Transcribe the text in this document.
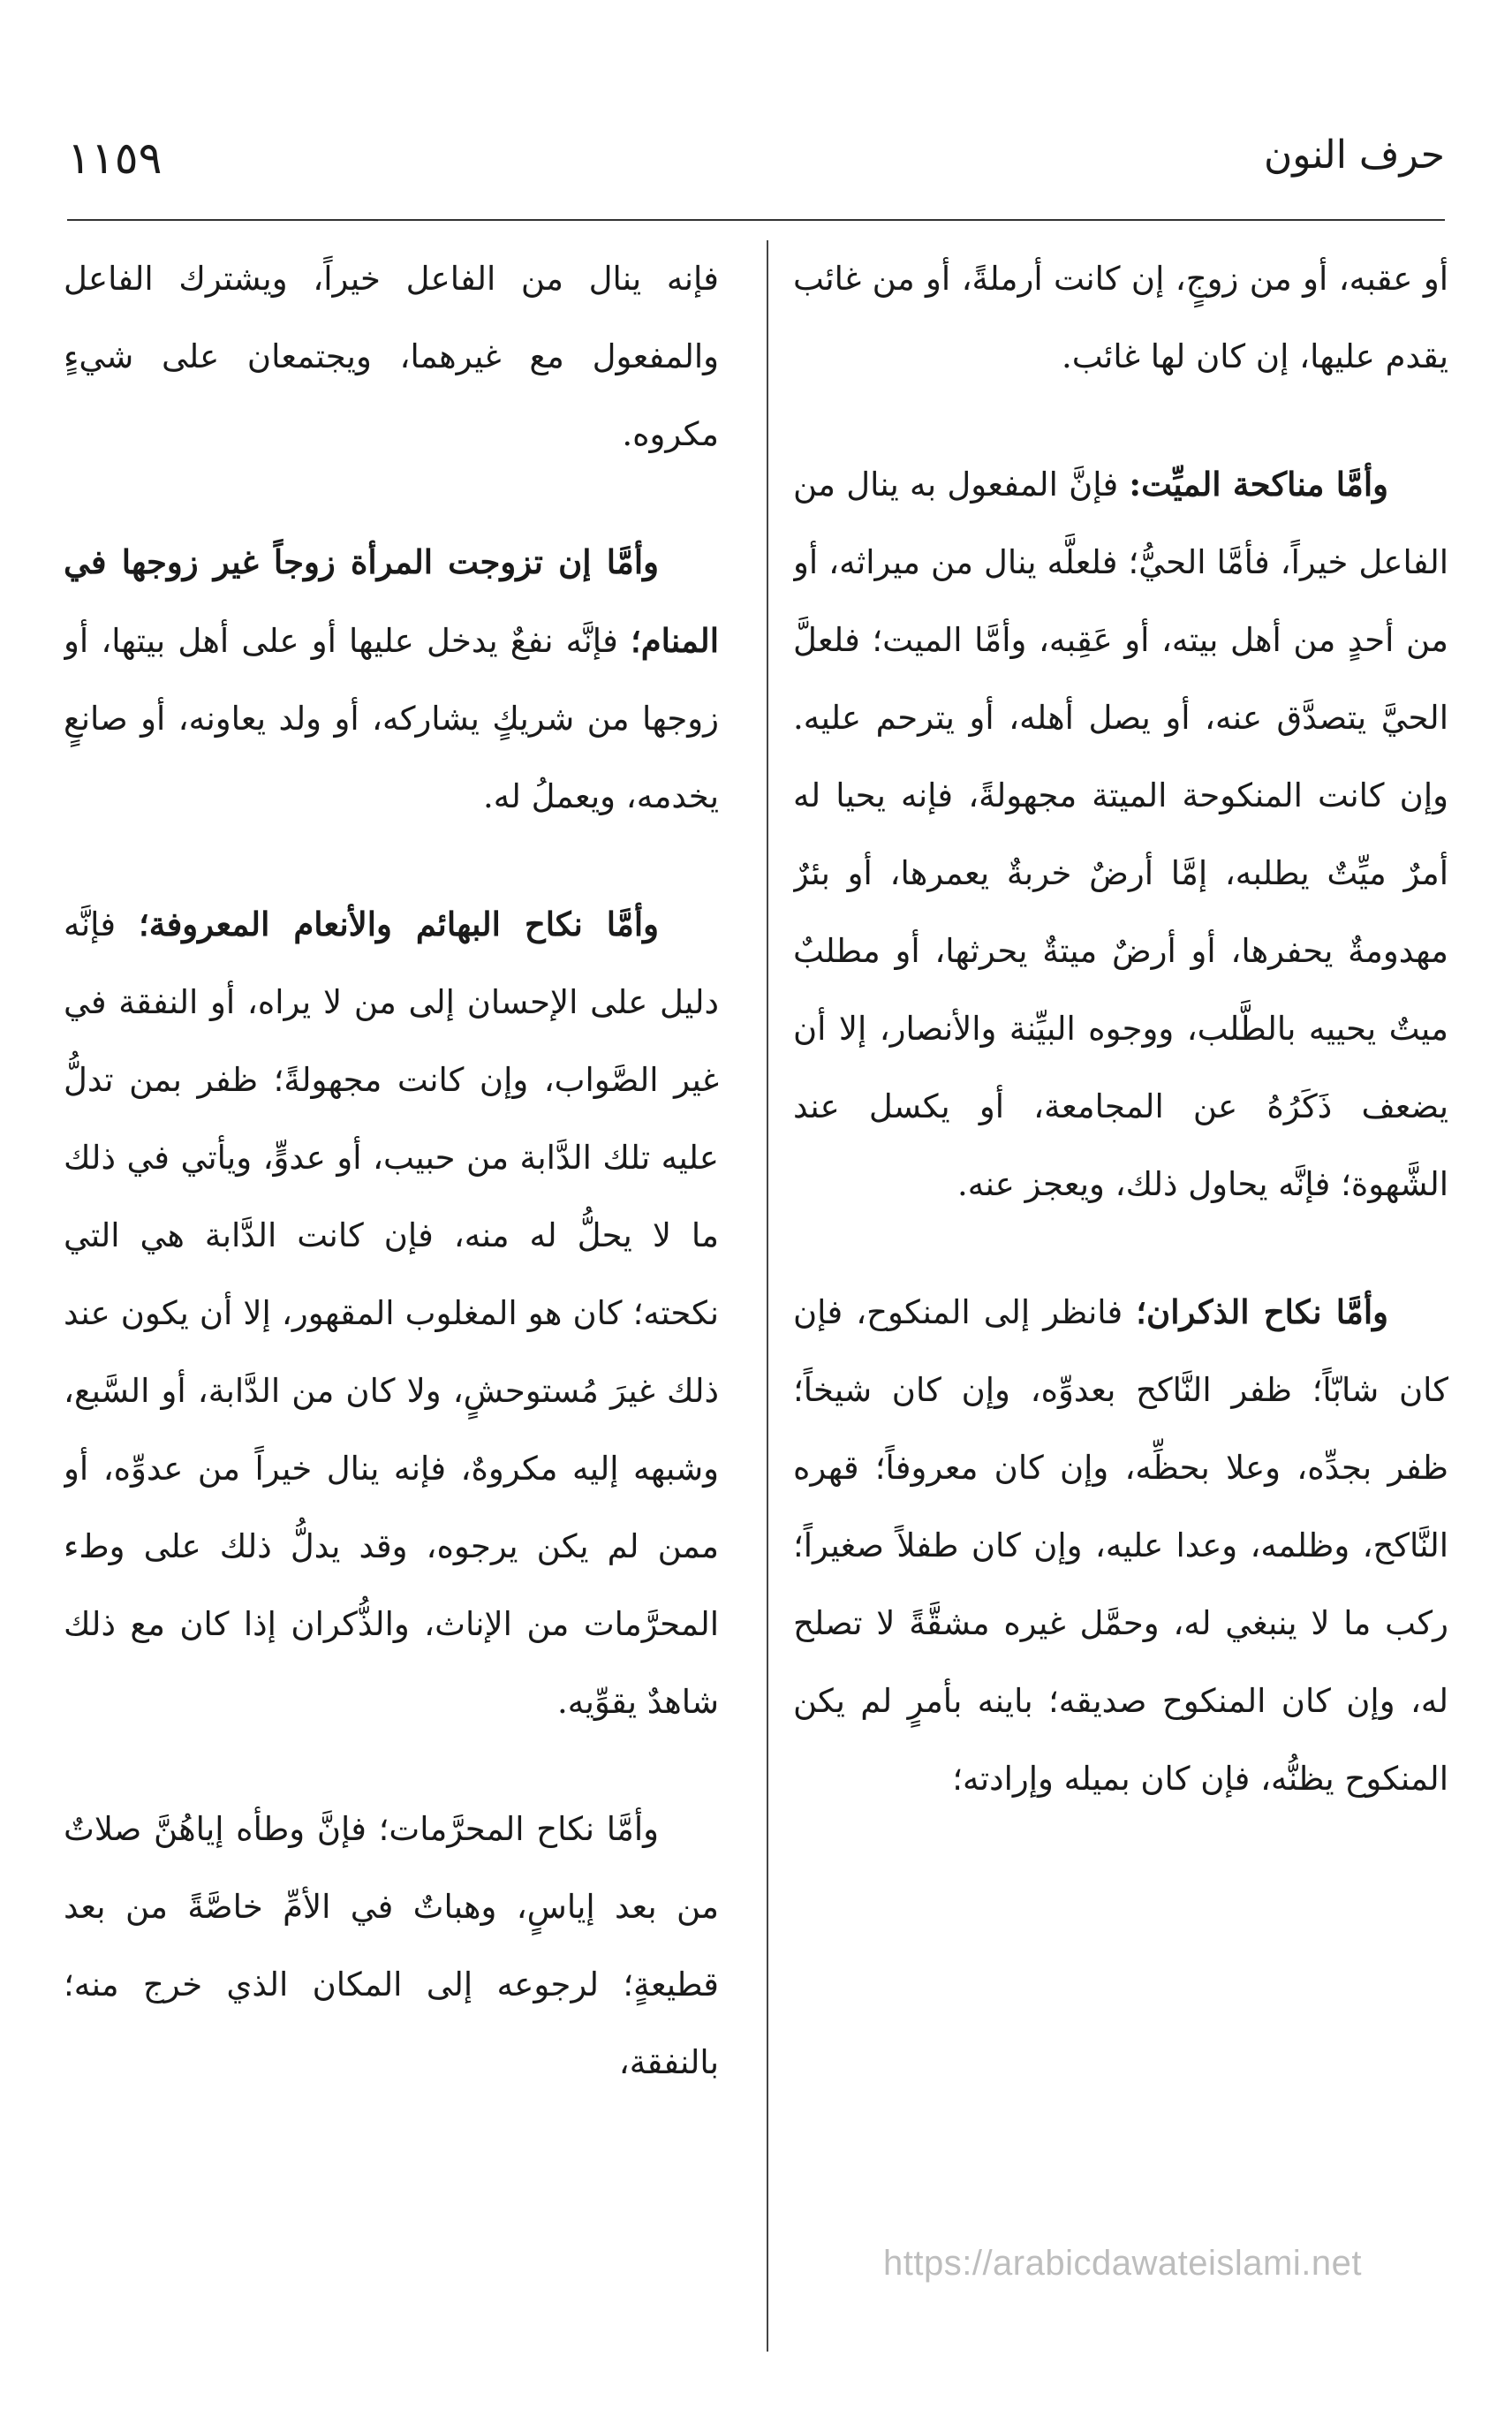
حرف النون
١١٥٩

أو عقبه، أو من زوجٍ، إن كانت أرملةً، أو من غائب يقدم عليها، إن كان لها غائب.

وأمَّا مناكحة الميِّت: فإنَّ المفعول به ينال من الفاعل خيراً، فأمَّا الحيُّ؛ فلعلَّه ينال من ميراثه، أو من أحدٍ من أهل بيته، أو عَقِبه، وأمَّا الميت؛ فلعلَّ الحيَّ يتصدَّق عنه، أو يصل أهله، أو يترحم عليه. وإن كانت المنكوحة الميتة مجهولةً، فإنه يحيا له أمرٌ ميِّتٌ يطلبه، إمَّا أرضٌ خربةٌ يعمرها، أو بئرٌ مهدومةٌ يحفرها، أو أرضٌ ميتةٌ يحرثها، أو مطلبٌ ميتٌ يحييه بالطَّلب، ووجوه البيِّنة والأنصار، إلا أن يضعف ذَكَرُهُ عن المجامعة، أو يكسل عند الشَّهوة؛ فإنَّه يحاول ذلك، ويعجز عنه.

وأمَّا نكاح الذكران؛ فانظر إلى المنكوح، فإن كان شابّاً؛ ظفر النَّاكح بعدوِّه، وإن كان شيخاً؛ ظفر بجدِّه، وعلا بحظِّه، وإن كان معروفاً؛ قهره النَّاكح، وظلمه، وعدا عليه، وإن كان طفلاً صغيراً؛ ركب ما لا ينبغي له، وحمَّل غيره مشقَّةً لا تصلح له، وإن كان المنكوح صديقه؛ باينه بأمرٍ لم يكن المنكوح يظنُّه، فإن كان بميله وإرادته؛

فإنه ينال من الفاعل خيراً، ويشترك الفاعل والمفعول مع غيرهما، ويجتمعان على شيءٍ مكروه.

وأمَّا إن تزوجت المرأة زوجاً غير زوجها في المنام؛ فإنَّه نفعٌ يدخل عليها أو على أهل بيتها، أو زوجها من شريكٍ يشاركه، أو ولد يعاونه، أو صانعٍ يخدمه، ويعملُ له.

وأمَّا نكاح البهائم والأنعام المعروفة؛ فإنَّه دليل على الإحسان إلى من لا يراه، أو النفقة في غير الصَّواب، وإن كانت مجهولةً؛ ظفر بمن تدلُّ عليه تلك الدَّابة من حبيب، أو عدوٍّ، ويأتي في ذلك ما لا يحلُّ له منه، فإن كانت الدَّابة هي التي نكحته؛ كان هو المغلوب المقهور، إلا أن يكون عند ذلك غيرَ مُستوحشٍ، ولا كان من الدَّابة، أو السَّبع، وشبهه إليه مكروهٌ، فإنه ينال خيراً من عدوِّه، أو ممن لم يكن يرجوه، وقد يدلُّ ذلك على وطء المحرَّمات من الإناث، والذُّكران إذا كان مع ذلك شاهدٌ يقوِّيه.

وأمَّا نكاح المحرَّمات؛ فإنَّ وطأه إياهُنَّ صلاتٌ من بعد إياسٍ، وهباتٌ في الأمِّ خاصَّةً من بعد قطيعةٍ؛ لرجوعه إلى المكان الذي خرج منه؛ بالنفقة،

https://arabicdawateislami.net
